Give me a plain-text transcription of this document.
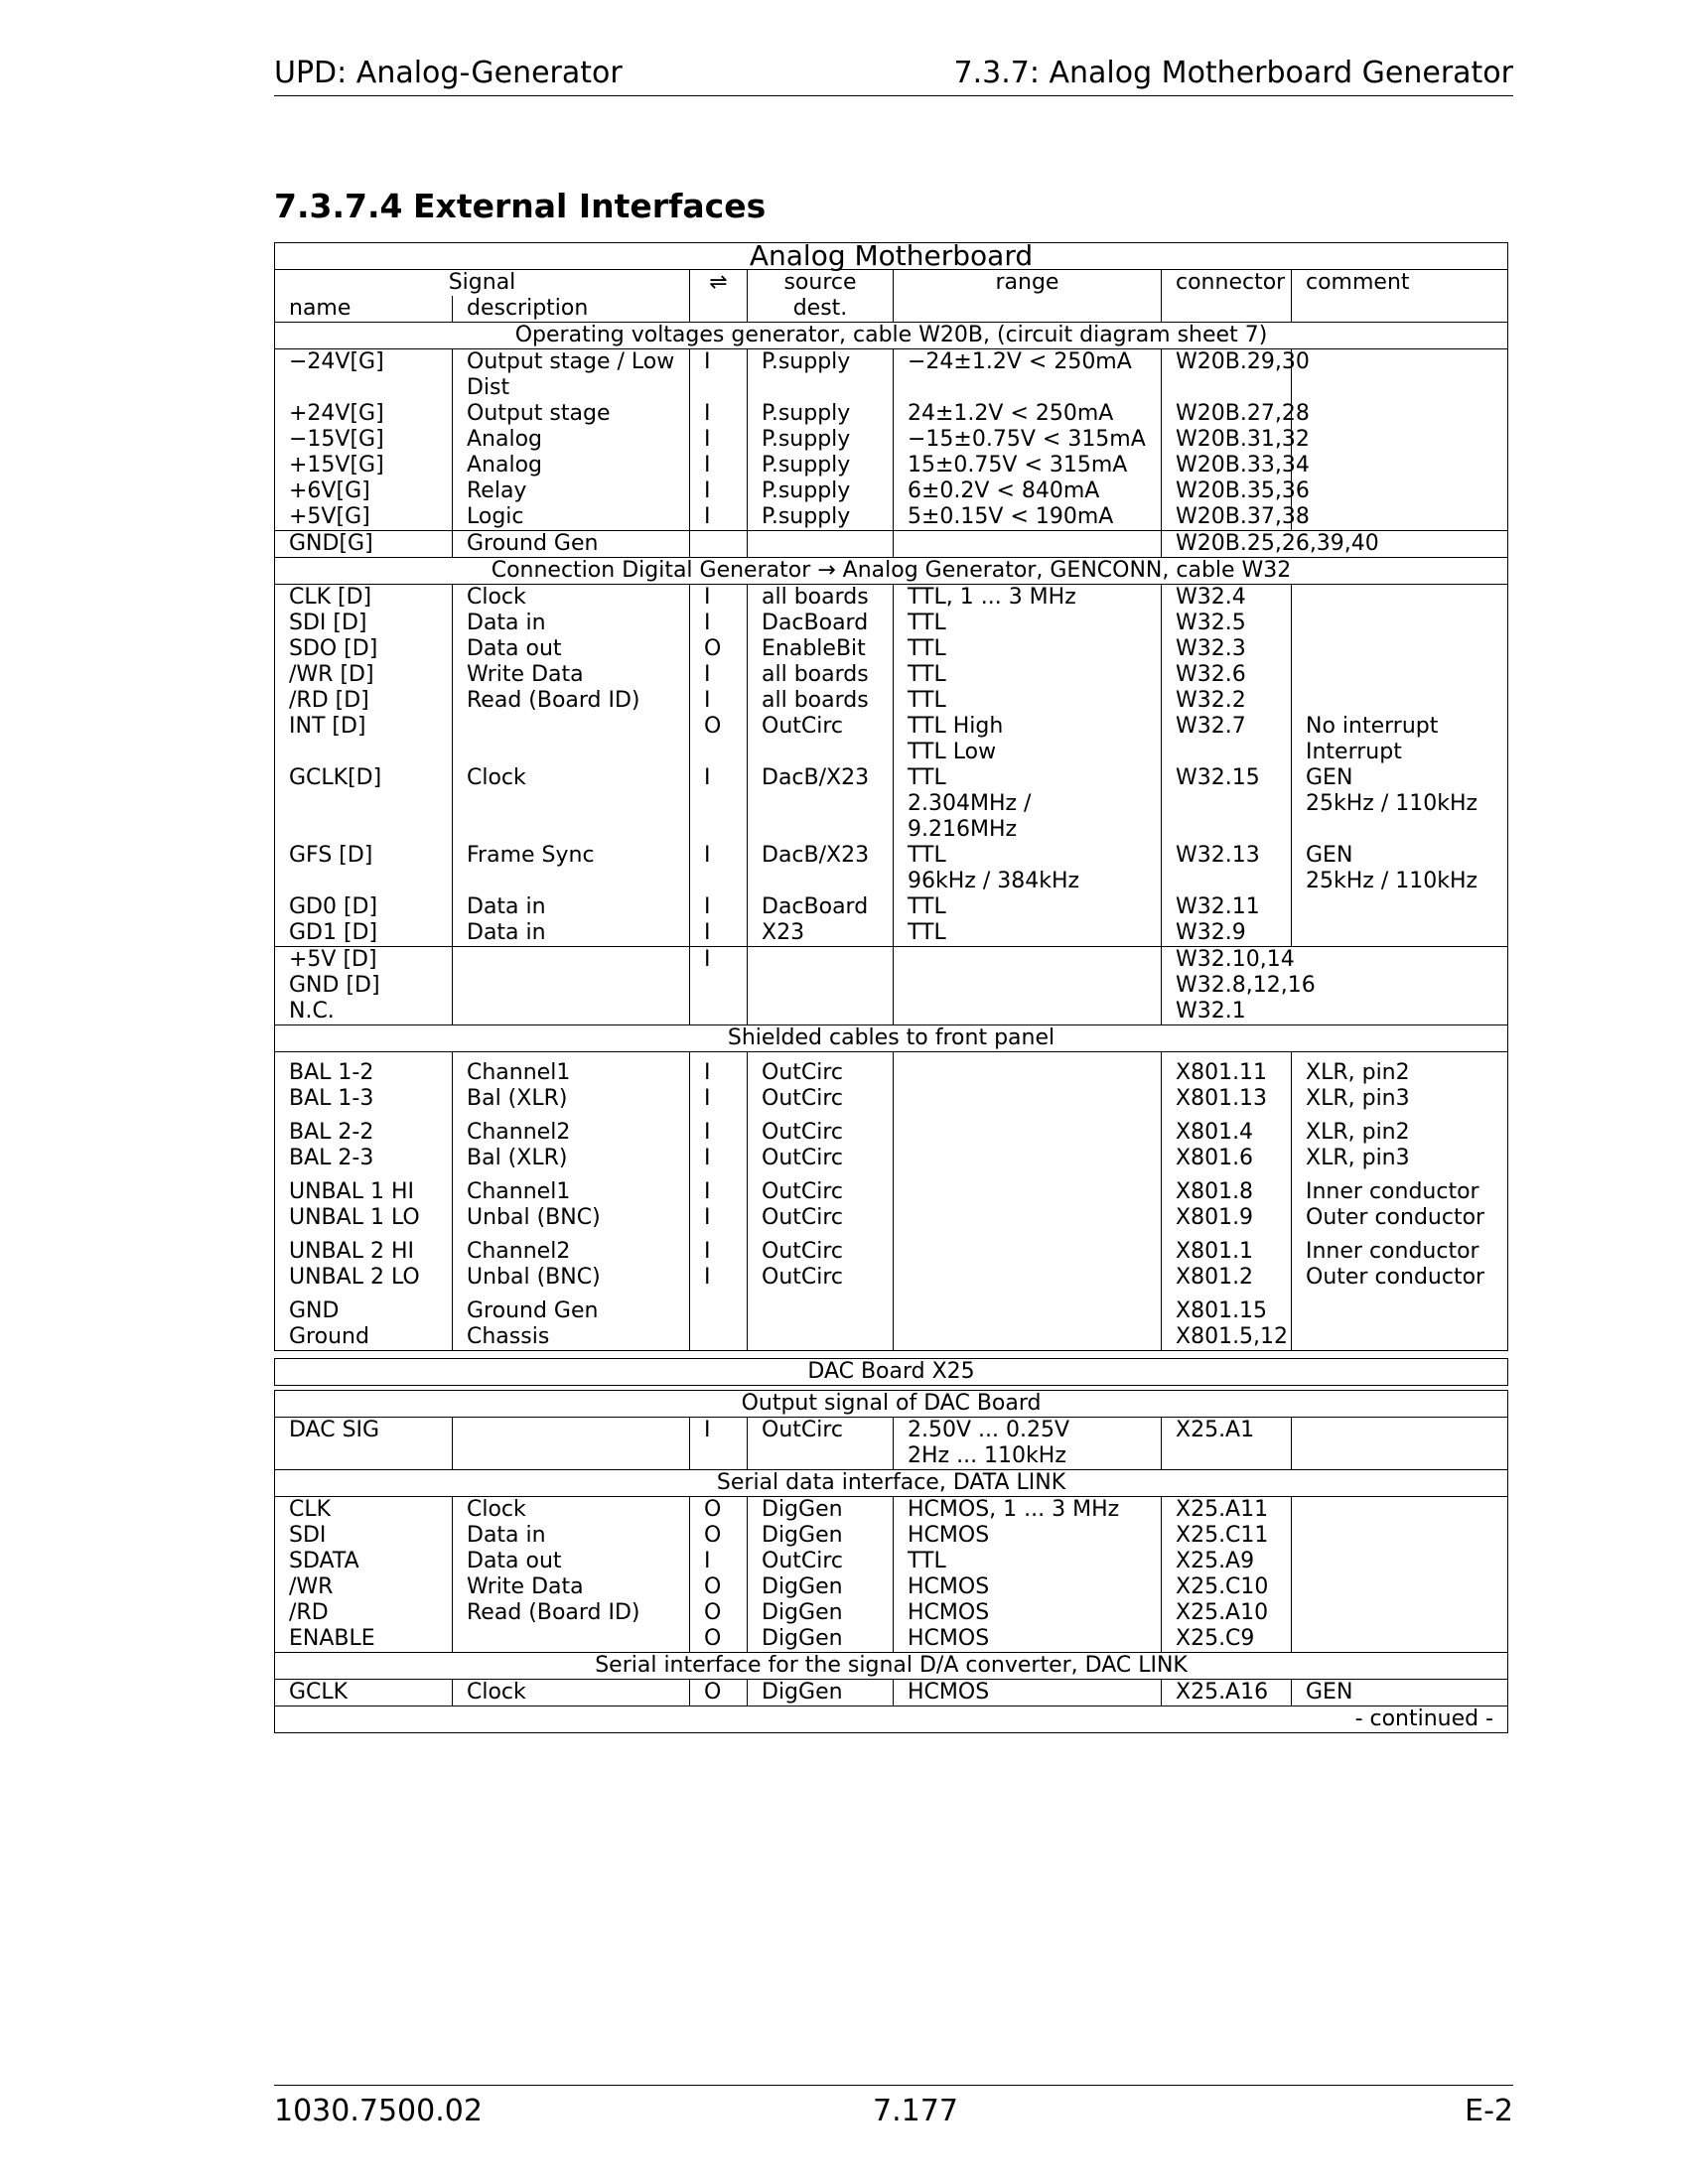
UPD: Analog-Generator	7.3.7: Analog Motherboard Generator
7.3.7.4 External Interfaces
Analog Motherboard						
Signal		⇌	source	range	connector	comment
name	description		dest.			
Operating voltages generator, cable W20B, (circuit diagram sheet 7)						
−24V[G]	Output stage / Low	I	P.supply	−24±1.2V < 250mA	W20B.29,30	
	Dist					
+24V[G]	Output stage	I	P.supply	24±1.2V < 250mA	W20B.27,28	
−15V[G]	Analog	I	P.supply	−15±0.75V < 315mA	W20B.31,32	
+15V[G]	Analog	I	P.supply	15±0.75V < 315mA	W20B.33,34	
+6V[G]	Relay	I	P.supply	6±0.2V < 840mA	W20B.35,36	
+5V[G]	Logic	I	P.supply	5±0.15V < 190mA	W20B.37,38	
GND[G]	Ground Gen				W20B.25,26,39,40	
Connection Digital Generator → Analog Generator, GENCONN, cable W32						
CLK [D]	Clock	I	all boards	TTL, 1 ... 3 MHz	W32.4	
SDI [D]	Data in	I	DacBoard	TTL	W32.5	
SDO [D]	Data out	O	EnableBit	TTL	W32.3	
/WR [D]	Write Data	I	all boards	TTL	W32.6	
/RD [D]	Read (Board ID)	I	all boards	TTL	W32.2	
INT [D]		O	OutCirc	TTL High	W32.7	No interrupt
				TTL Low		Interrupt
GCLK[D]	Clock	I	DacB/X23	TTL	W32.15	GEN
				2.304MHz / 9.216MHz		25kHz / 110kHz
GFS [D]	Frame Sync	I	DacB/X23	TTL	W32.13	GEN
				96kHz / 384kHz		25kHz / 110kHz
GD0 [D]	Data in	I	DacBoard	TTL	W32.11	
GD1 [D]	Data in	I	X23	TTL	W32.9	
+5V [D]		I			W32.10,14	
GND [D]					W32.8,12,16	
N.C.					W32.1	
Shielded cables to front panel						

BAL 1-2	Channel1	I	OutCirc		X801.11	XLR, pin2
BAL 1-3	Bal (XLR)	I	OutCirc		X801.13	XLR, pin3

BAL 2-2	Channel2	I	OutCirc		X801.4	XLR, pin2
BAL 2-3	Bal (XLR)	I	OutCirc		X801.6	XLR, pin3

UNBAL 1 HI	Channel1	I	OutCirc		X801.8	Inner conductor
UNBAL 1 LO	Unbal (BNC)	I	OutCirc		X801.9	Outer conductor

UNBAL 2 HI	Channel2	I	OutCirc		X801.1	Inner conductor
UNBAL 2 LO	Unbal (BNC)	I	OutCirc		X801.2	Outer conductor

GND	Ground Gen				X801.15	
Ground	Chassis				X801.5,12	
DAC Board X25
Output signal of DAC Board						
DAC SIG		I	OutCirc	2.50V ... 0.25V	X25.A1	
				2Hz ... 110kHz		
Serial data interface, DATA LINK						
CLK	Clock	O	DigGen	HCMOS, 1 ... 3 MHz	X25.A11	
SDI	Data in	O	DigGen	HCMOS	X25.C11	
SDATA	Data out	I	OutCirc	TTL	X25.A9	
/WR	Write Data	O	DigGen	HCMOS	X25.C10	
/RD	Read (Board ID)	O	DigGen	HCMOS	X25.A10	
ENABLE		O	DigGen	HCMOS	X25.C9	
Serial interface for the signal D/A converter, DAC LINK						
GCLK	Clock	O	DigGen	HCMOS	X25.A16	GEN
- continued -						
1030.7500.02	7.177	E-2
